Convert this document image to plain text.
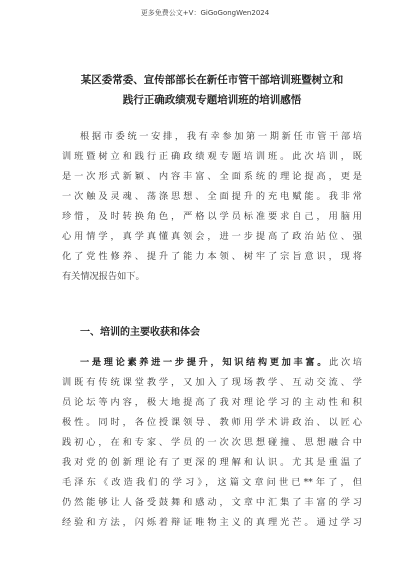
更多免费公文+V：GiGoGongWen2024
某区委常委、宣传部部长在新任市管干部培训班暨树立和
践行正确政绩观专题培训班的培训感悟
根据市委统一安排，我有幸参加第一期新任市管干部培
训班暨树立和践行正确政绩观专题培训班。此次培训，既
是一次形式新颖、内容丰富、全面系统的理论提高，更是
一次触及灵魂、荡涤思想、全面提升的充电赋能。我非常
珍惜，及时转换角色，严格以学员标准要求自己，用脑用
心用情学，真学真懂真领会，进一步提高了政治站位、强
化了党性修养、提升了能力本领、树牢了宗旨意识，现将
有关情况报告如下。
一、培训的主要收获和体会
一是理论素养进一步提升，知识结构更加丰富。此次培
训既有传统课堂教学，又加入了现场教学、互动交流、学
员论坛等内容，极大地提高了我对理论学习的主动性和积
极性。同时，各位授课领导、教师用学术讲政治、以匠心
践初心，在和专家、学员的一次次思想碰撞、思想融合中
我对党的创新理论有了更深的理解和认识。尤其是重温了
毛泽东《改造我们的学习》，这篇文章问世已**年了，但
仍然能够让人备受鼓舞和感动，文章中汇集了丰富的学习
经验和方法，闪烁着辩证唯物主义的真理光芒。通过学习
